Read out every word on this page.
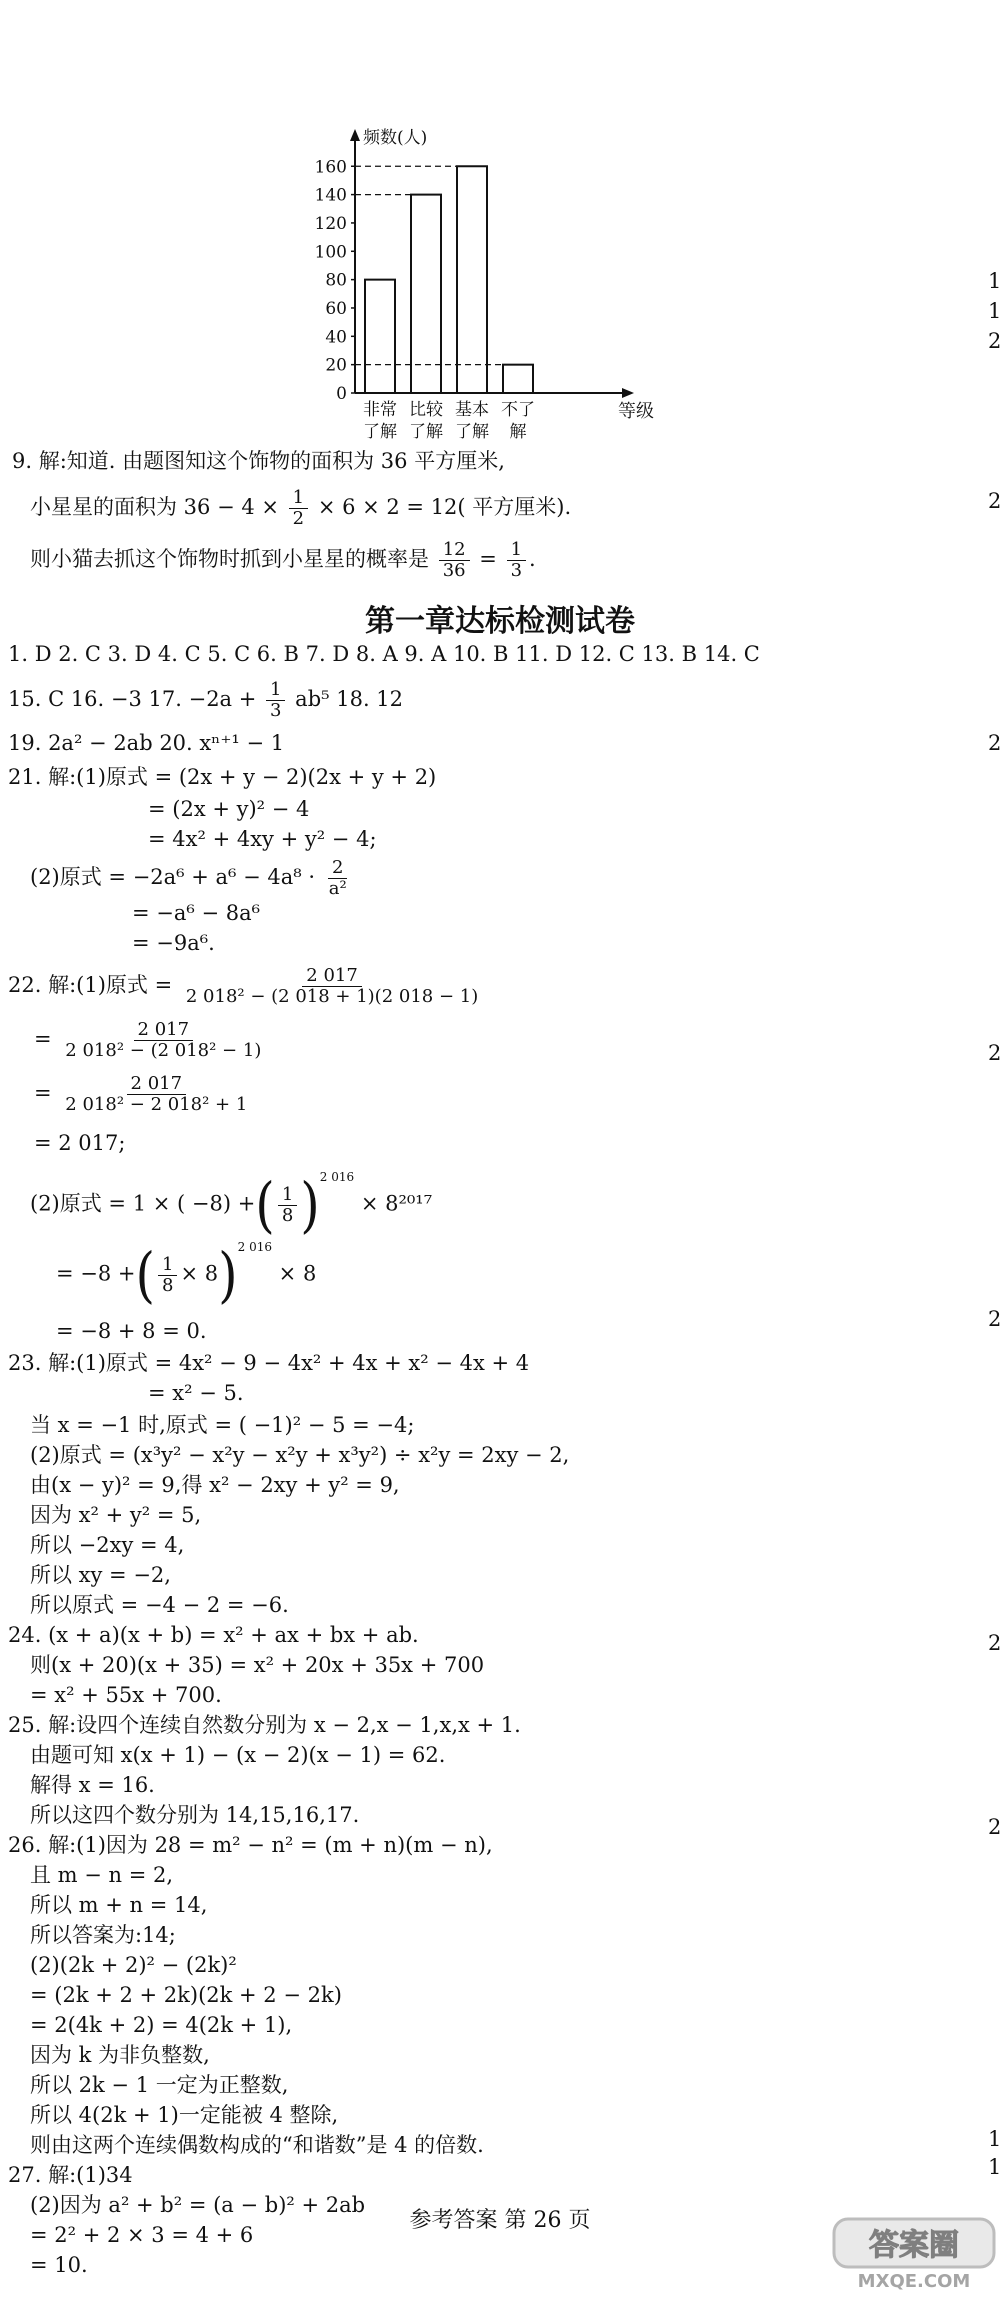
频数(人)
等级
0
20
40
60
80
100
120
140
160
非常
了解
比较
了解
基本
了解
不了
解
9. 解:知道. 由题图知这个饰物的面积为 36 平方厘米,
小星星的面积为 $36 - 4 \times \frac{1}{2} \times 6 \times 2 = 12$( 平方厘米).
则小猫去抓这个饰物时抓到小星星的概率是 $\frac{12}{36} = \frac{1}{3}$ .
第一章达标检测试卷
1. D 2. C 3. D 4. C 5. C 6. B 7. D 8. A 9. A 10. B 11. D 12. C 13. B 14. C
15. C 16. −3 17. $-2a + \frac{1}{3} ab^5$ 18. 12
19. 2a² − 2ab 20. xⁿ⁺¹ − 1
21. 解:(1)原式 = (2x + y − 2)(2x + y + 2)
= (2x + y)² − 4
= 4x² + 4xy + y² − 4;
(2)原式 = $-2a^6 + a^6 - 4a^8 \cdot \frac{2}{\text{a²}}$
= −a⁶ − 8a⁶
= −9a⁶.
22. 解:(1)原式 = $\frac{2 017}{\text{2 018² − (2 018 + 1)(2 018 − 1)}}$
= $\frac{2 017}{\text{2 018² − (2 018² − 1)}}$
= $\frac{2 017}{\text{2 018² − 2 018² + 1}}$
= 2 017;
(2)原式 = 1 × ( −8) +( $\frac{1}{8} )^{2 016} \times 8^{2017}$
= −8 +( $\frac{1}{8} \times 8)^{2 016} \times 8$
= −8 + 8 = 0.
23. 解:(1)原式 = 4x² − 9 − 4x² + 4x + x² − 4x + 4
= x² − 5.
当 x = −1 时,原式 = ( −1)² − 5 = −4;
(2)原式 = (x³y² − x²y − x²y + x³y²) ÷ x²y = 2xy − 2,
由(x − y)² = 9,得 x² − 2xy + y² = 9,
因为 x² + y² = 5,
所以 −2xy = 4,
所以 xy = −2,
所以原式 = −4 − 2 = −6.
24. (x + a)(x + b) = x² + ax + bx + ab.
则(x + 20)(x + 35) = x² + 20x + 35x + 700
= x² + 55x + 700.
25. 解:设四个连续自然数分别为 x − 2,x − 1,x,x + 1.
由题可知 x(x + 1) − (x − 2)(x − 1) = 62.
解得 x = 16.
所以这四个数分别为 14,15,16,17.
26. 解:(1)因为 28 = m² − n² = (m + n)(m − n),
且 m − n = 2,
所以 m + n = 14,
所以答案为:14;
(2)(2k + 2)² − (2k)²
= (2k + 2 + 2k)(2k + 2 − 2k)
= 2(4k + 2) = 4(2k + 1),
因为 k 为非负整数,
所以 2k − 1 一定为正整数,
所以 4(2k + 1)一定能被 4 整除,
则由这两个连续偶数构成的“和谐数”是 4 的倍数.
27. 解:(1)34
(2)因为 a² + b² = (a − b)² + 2ab
= 2² + 2 × 3 = 4 + 6
= 10.
1
1
2
2
2
2
2
2
2
1
1
参考答案 第 26 页
答案圈
MXQE.COM
